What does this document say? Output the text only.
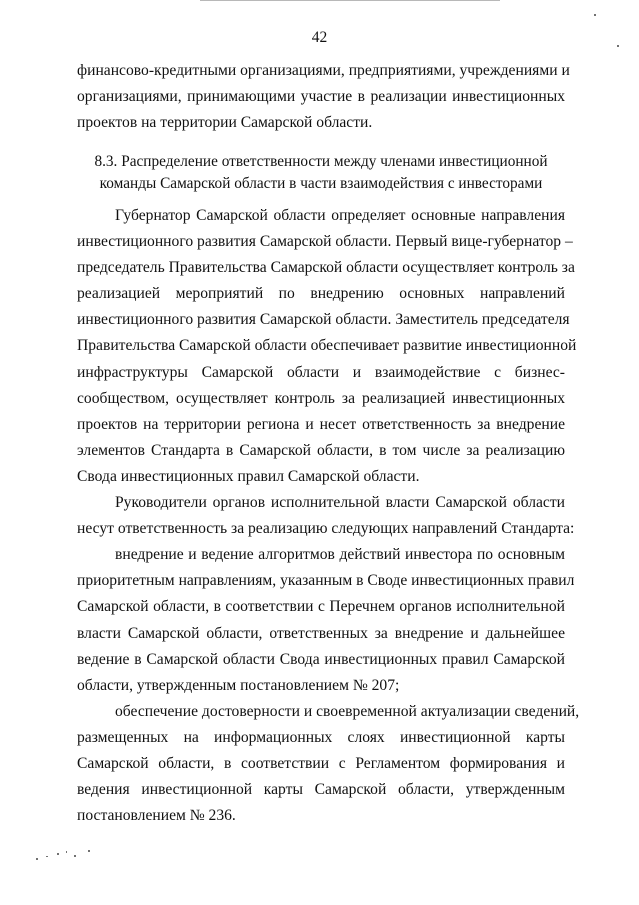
42
финансово-кредитными организациями, предприятиями, учреждениями и
организациями, принимающими участие в реализации инвестиционных
проектов на территории Самарской области.
8.3. Распределение ответственности между членами инвестиционной
команды Самарской области в части взаимодействия с инвесторами
Губернатор Самарской области определяет основные направления
инвестиционного развития Самарской области. Первый вице-губернатор –
председатель Правительства Самарской области осуществляет контроль за
реализацией мероприятий по внедрению основных направлений
инвестиционного развития Самарской области. Заместитель председателя
Правительства Самарской области обеспечивает развитие инвестиционной
инфраструктуры Самарской области и взаимодействие с бизнес-
сообществом, осуществляет контроль за реализацией инвестиционных
проектов на территории региона и несет ответственность за внедрение
элементов Стандарта в Самарской области, в том числе за реализацию
Свода инвестиционных правил Самарской области.
Руководители органов исполнительной власти Самарской области
несут ответственность за реализацию следующих направлений Стандарта:
внедрение и ведение алгоритмов действий инвестора по основным
приоритетным направлениям, указанным в Своде инвестиционных правил
Самарской области, в соответствии с Перечнем органов исполнительной
власти Самарской области, ответственных за внедрение и дальнейшее
ведение в Самарской области Свода инвестиционных правил Самарской
области, утвержденным постановлением № 207;
обеспечение достоверности и своевременной актуализации сведений,
размещенных на информационных слоях инвестиционной карты
Самарской области, в соответствии с Регламентом формирования и
ведения инвестиционной карты Самарской области, утвержденным
постановлением № 236.
